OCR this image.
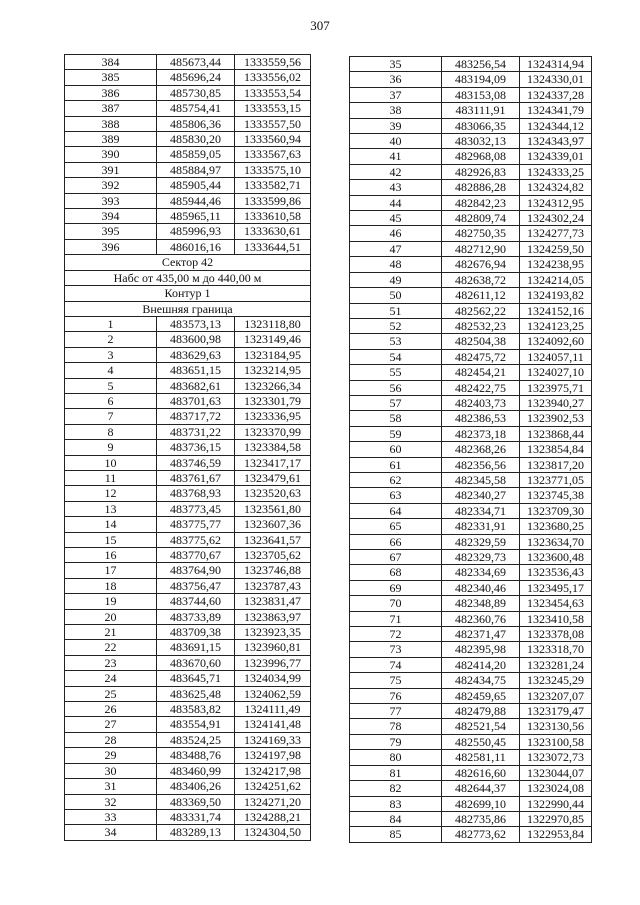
307
384	485673,44	1333559,56
385	485696,24	1333556,02
386	485730,85	1333553,54
387	485754,41	1333553,15
388	485806,36	1333557,50
389	485830,20	1333560,94
390	485859,05	1333567,63
391	485884,97	1333575,10
392	485905,44	1333582,71
393	485944,46	1333599,86
394	485965,11	1333610,58
395	485996,93	1333630,61
396	486016,16	1333644,51
Сектор 42		
Набс от 435,00 м до 440,00 м		
Контур 1		
Внешняя граница		
1	483573,13	1323118,80
2	483600,98	1323149,46
3	483629,63	1323184,95
4	483651,15	1323214,95
5	483682,61	1323266,34
6	483701,63	1323301,79
7	483717,72	1323336,95
8	483731,22	1323370,99
9	483736,15	1323384,58
10	483746,59	1323417,17
11	483761,67	1323479,61
12	483768,93	1323520,63
13	483773,45	1323561,80
14	483775,77	1323607,36
15	483775,62	1323641,57
16	483770,67	1323705,62
17	483764,90	1323746,88
18	483756,47	1323787,43
19	483744,60	1323831,47
20	483733,89	1323863,97
21	483709,38	1323923,35
22	483691,15	1323960,81
23	483670,60	1323996,77
24	483645,71	1324034,99
25	483625,48	1324062,59
26	483583,82	1324111,49
27	483554,91	1324141,48
28	483524,25	1324169,33
29	483488,76	1324197,98
30	483460,99	1324217,98
31	483406,26	1324251,62
32	483369,50	1324271,20
33	483331,74	1324288,21
34	483289,13	1324304,50
35	483256,54	1324314,94
36	483194,09	1324330,01
37	483153,08	1324337,28
38	483111,91	1324341,79
39	483066,35	1324344,12
40	483032,13	1324343,97
41	482968,08	1324339,01
42	482926,83	1324333,25
43	482886,28	1324324,82
44	482842,23	1324312,95
45	482809,74	1324302,24
46	482750,35	1324277,73
47	482712,90	1324259,50
48	482676,94	1324238,95
49	482638,72	1324214,05
50	482611,12	1324193,82
51	482562,22	1324152,16
52	482532,23	1324123,25
53	482504,38	1324092,60
54	482475,72	1324057,11
55	482454,21	1324027,10
56	482422,75	1323975,71
57	482403,73	1323940,27
58	482386,53	1323902,53
59	482373,18	1323868,44
60	482368,26	1323854,84
61	482356,56	1323817,20
62	482345,58	1323771,05
63	482340,27	1323745,38
64	482334,71	1323709,30
65	482331,91	1323680,25
66	482329,59	1323634,70
67	482329,73	1323600,48
68	482334,69	1323536,43
69	482340,46	1323495,17
70	482348,89	1323454,63
71	482360,76	1323410,58
72	482371,47	1323378,08
73	482395,98	1323318,70
74	482414,20	1323281,24
75	482434,75	1323245,29
76	482459,65	1323207,07
77	482479,88	1323179,47
78	482521,54	1323130,56
79	482550,45	1323100,58
80	482581,11	1323072,73
81	482616,60	1323044,07
82	482644,37	1323024,08
83	482699,10	1322990,44
84	482735,86	1322970,85
85	482773,62	1322953,84
